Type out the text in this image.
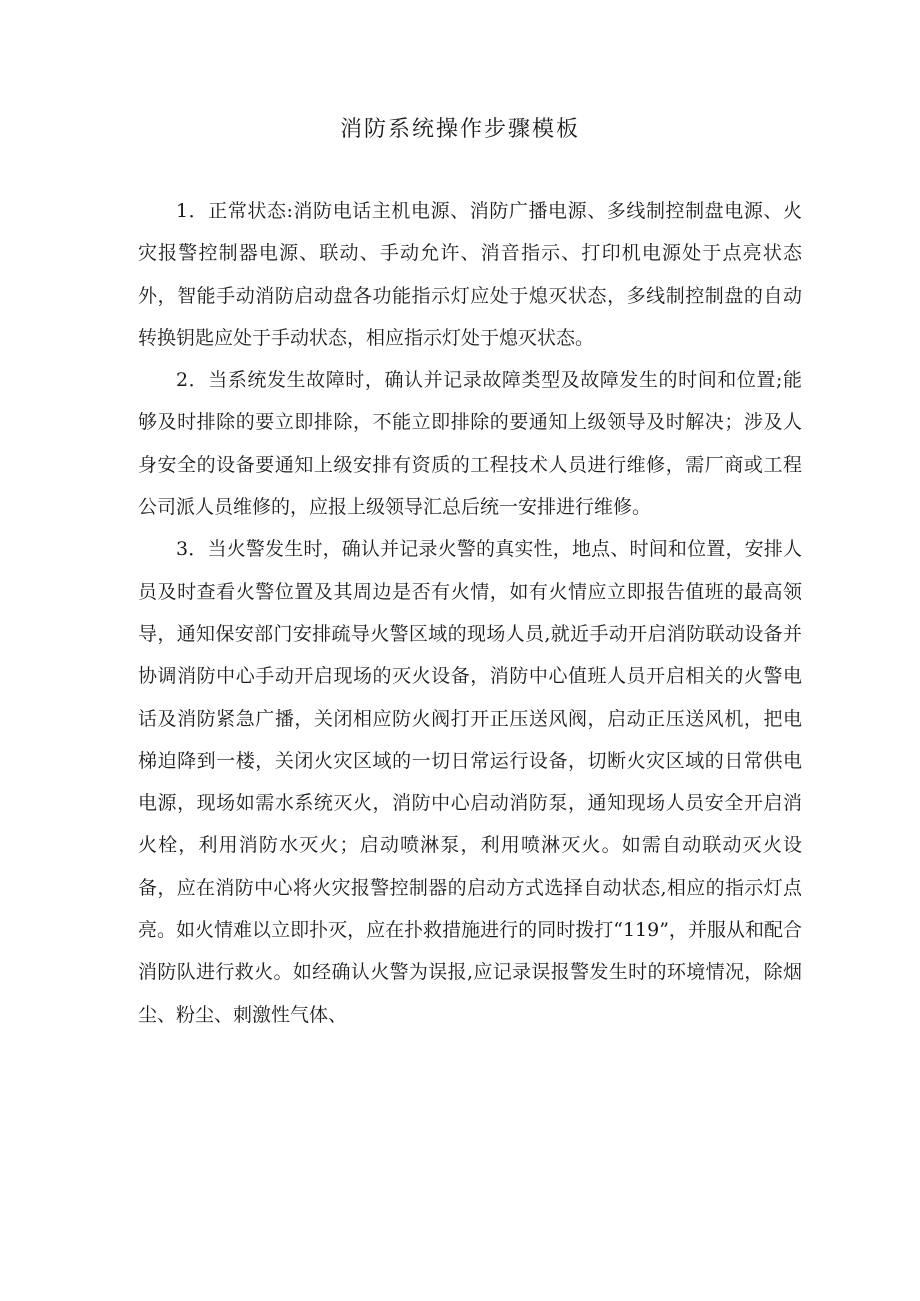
消防系统操作步骤模板

1．正常状态:消防电话主机电源、消防广播电源、多线制控制盘电源、火灾报警控制器电源、联动、手动允许、消音指示、打印机电源处于点亮状态外，智能手动消防启动盘各功能指示灯应处于熄灭状态，多线制控制盘的自动转换钥匙应处于手动状态，相应指示灯处于熄灭状态。

2．当系统发生故障时，确认并记录故障类型及故障发生的时间和位置;能够及时排除的要立即排除，不能立即排除的要通知上级领导及时解决；涉及人身安全的设备要通知上级安排有资质的工程技术人员进行维修，需厂商或工程公司派人员维修的，应报上级领导汇总后统一安排进行维修。

3．当火警发生时，确认并记录火警的真实性，地点、时间和位置，安排人员及时查看火警位置及其周边是否有火情，如有火情应立即报告值班的最高领导，通知保安部门安排疏导火警区域的现场人员,就近手动开启消防联动设备并协调消防中心手动开启现场的灭火设备，消防中心值班人员开启相关的火警电话及消防紧急广播，关闭相应防火阀打开正压送风阀，启动正压送风机，把电梯迫降到一楼，关闭火灾区域的一切日常运行设备，切断火灾区域的日常供电电源，现场如需水系统灭火，消防中心启动消防泵，通知现场人员安全开启消火栓，利用消防水灭火；启动喷淋泵，利用喷淋灭火。如需自动联动灭火设备，应在消防中心将火灾报警控制器的启动方式选择自动状态,相应的指示灯点亮。如火情难以立即扑灭，应在扑救措施进行的同时拨打“119”，并服从和配合消防队进行救火。如经确认火警为误报,应记录误报警发生时的环境情况，除烟尘、粉尘、刺激性气体、
